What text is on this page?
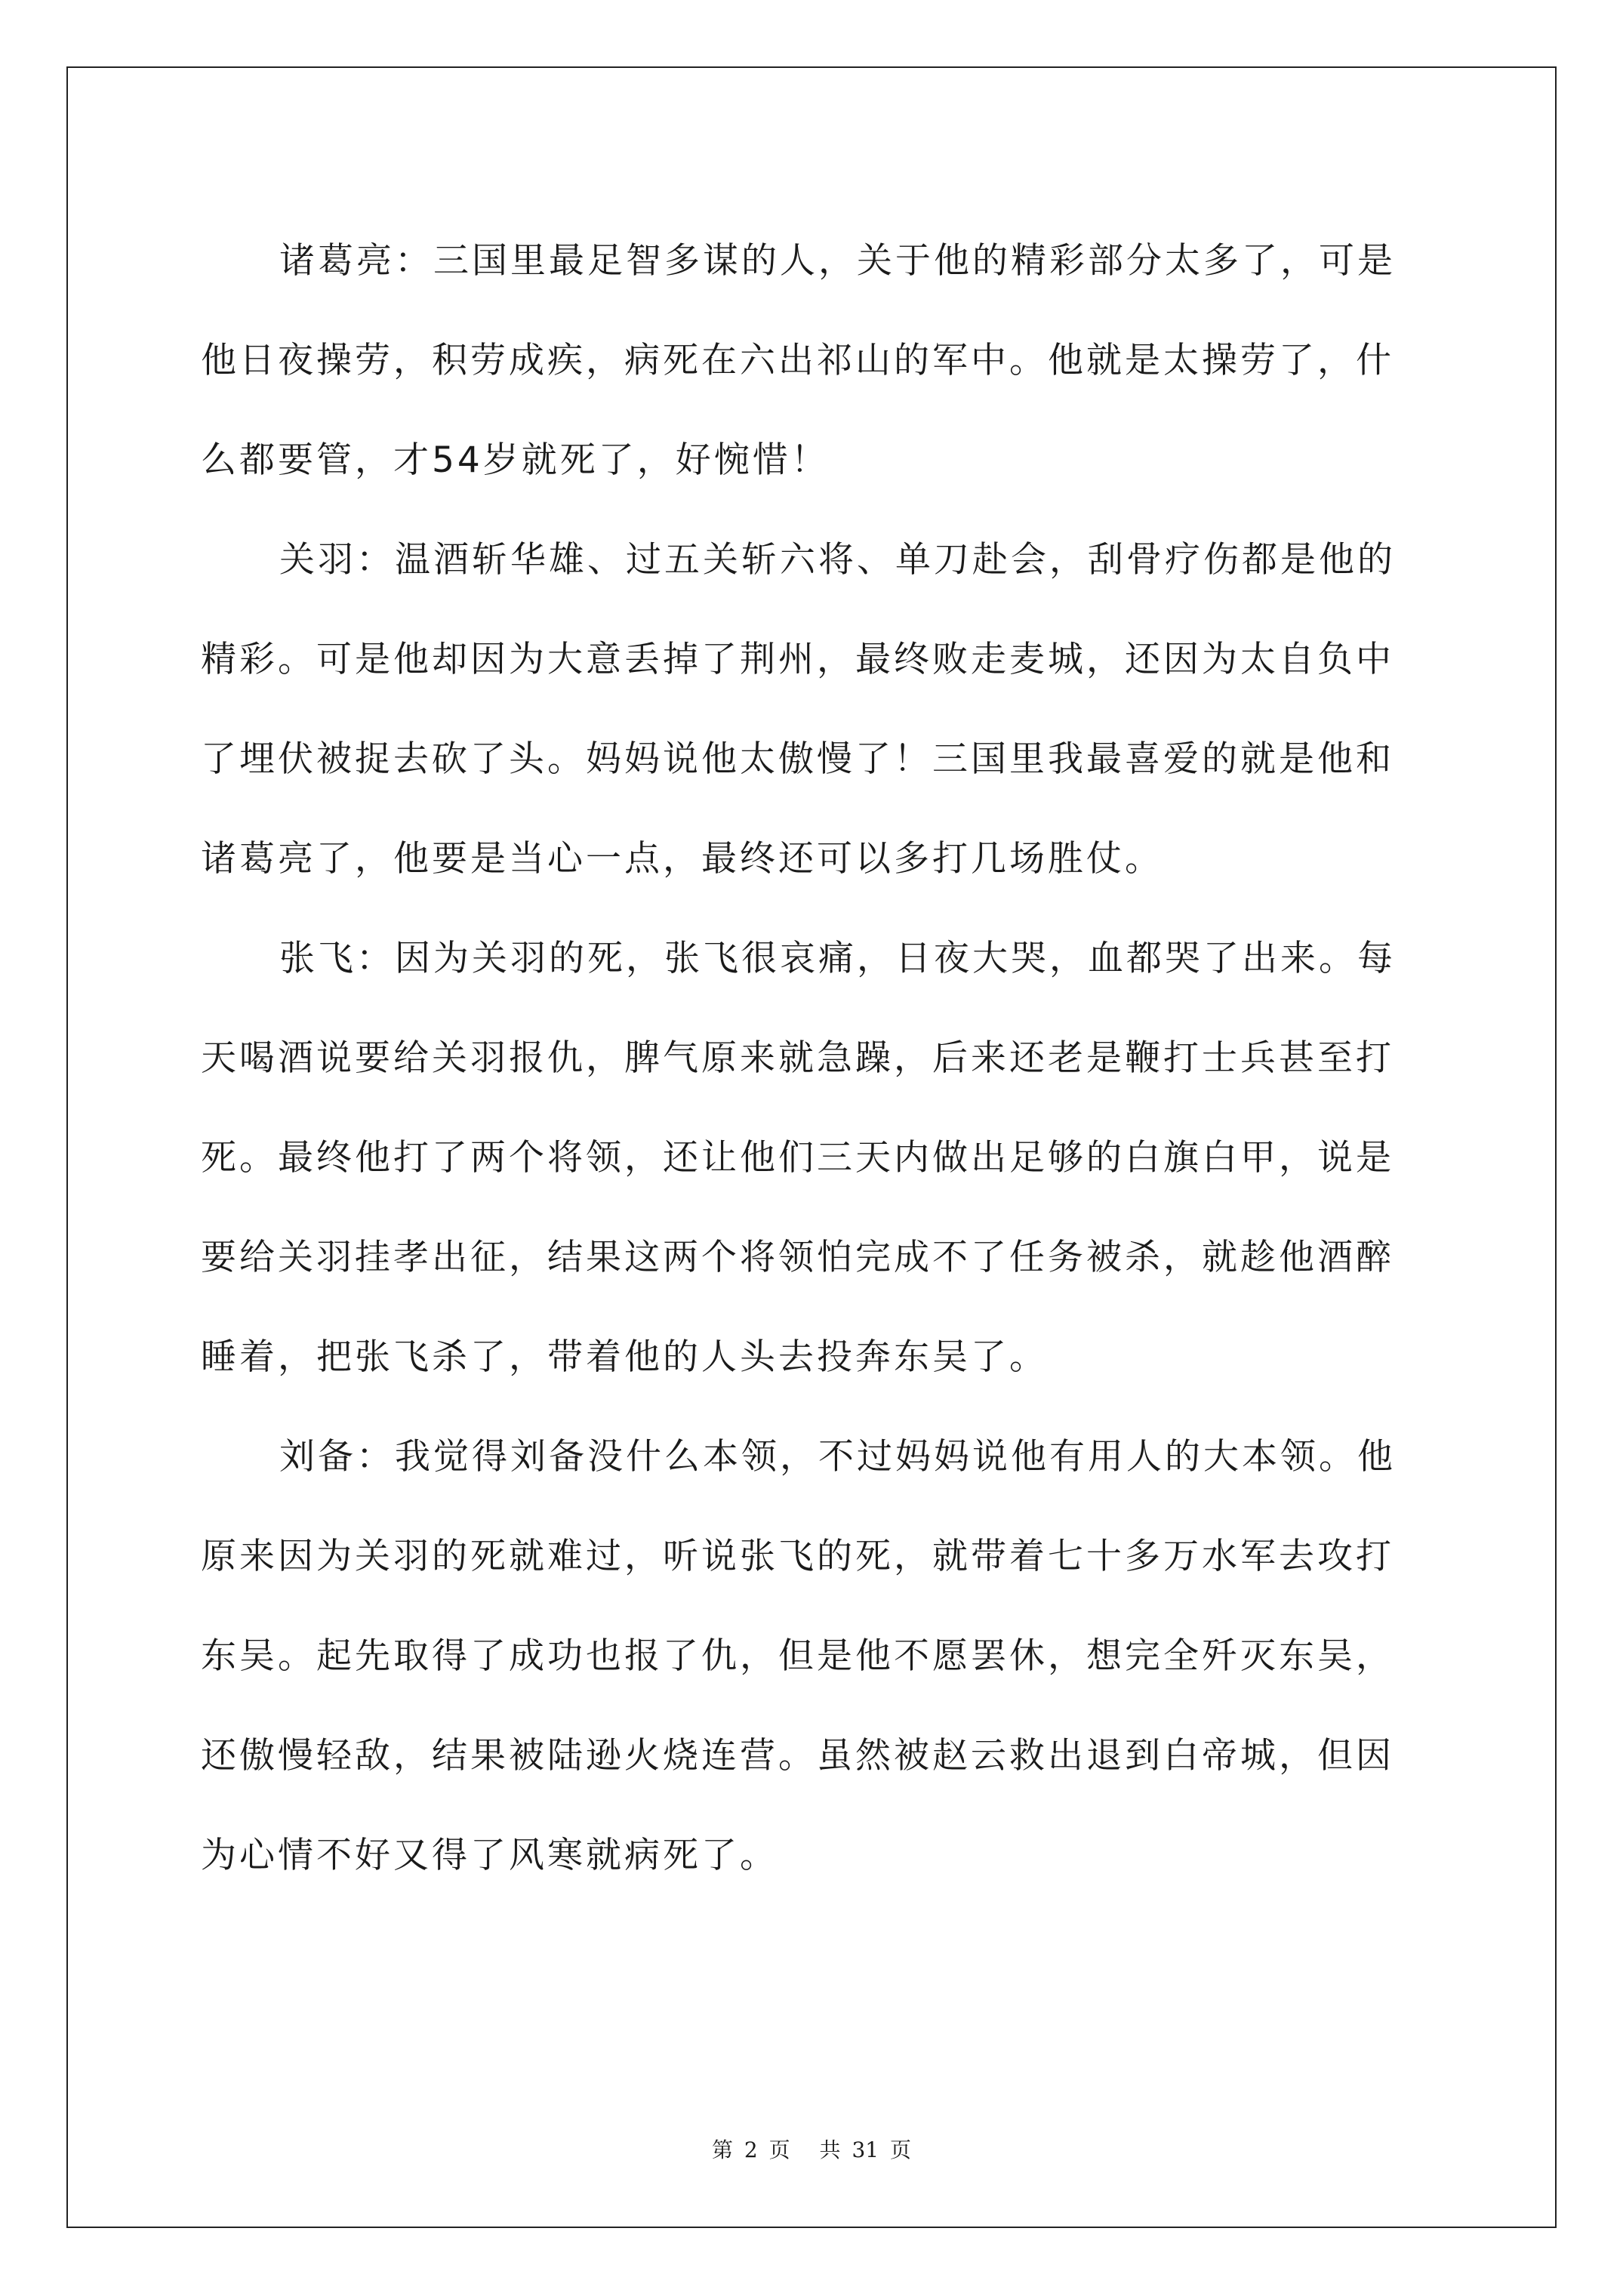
诸葛亮：三国里最足智多谋的人，关于他的精彩部分太多了，可是他日夜操劳，积劳成疾，病死在六出祁山的军中。他就是太操劳了，什么都要管，才54岁就死了，好惋惜！

关羽：温酒斩华雄、过五关斩六将、单刀赴会，刮骨疗伤都是他的精彩。可是他却因为大意丢掉了荆州，最终败走麦城，还因为太自负中了埋伏被捉去砍了头。妈妈说他太傲慢了！三国里我最喜爱的就是他和诸葛亮了，他要是当心一点，最终还可以多打几场胜仗。

张飞：因为关羽的死，张飞很哀痛，日夜大哭，血都哭了出来。每天喝酒说要给关羽报仇，脾气原来就急躁，后来还老是鞭打士兵甚至打死。最终他打了两个将领，还让他们三天内做出足够的白旗白甲，说是要给关羽挂孝出征，结果这两个将领怕完成不了任务被杀，就趁他酒醉睡着，把张飞杀了，带着他的人头去投奔东吴了。

刘备：我觉得刘备没什么本领，不过妈妈说他有用人的大本领。他原来因为关羽的死就难过，听说张飞的死，就带着七十多万水军去攻打东吴。起先取得了成功也报了仇，但是他不愿罢休，想完全歼灭东吴，还傲慢轻敌，结果被陆逊火烧连营。虽然被赵云救出退到白帝城，但因为心情不好又得了风寒就病死了。

第 2 页 共 31 页
